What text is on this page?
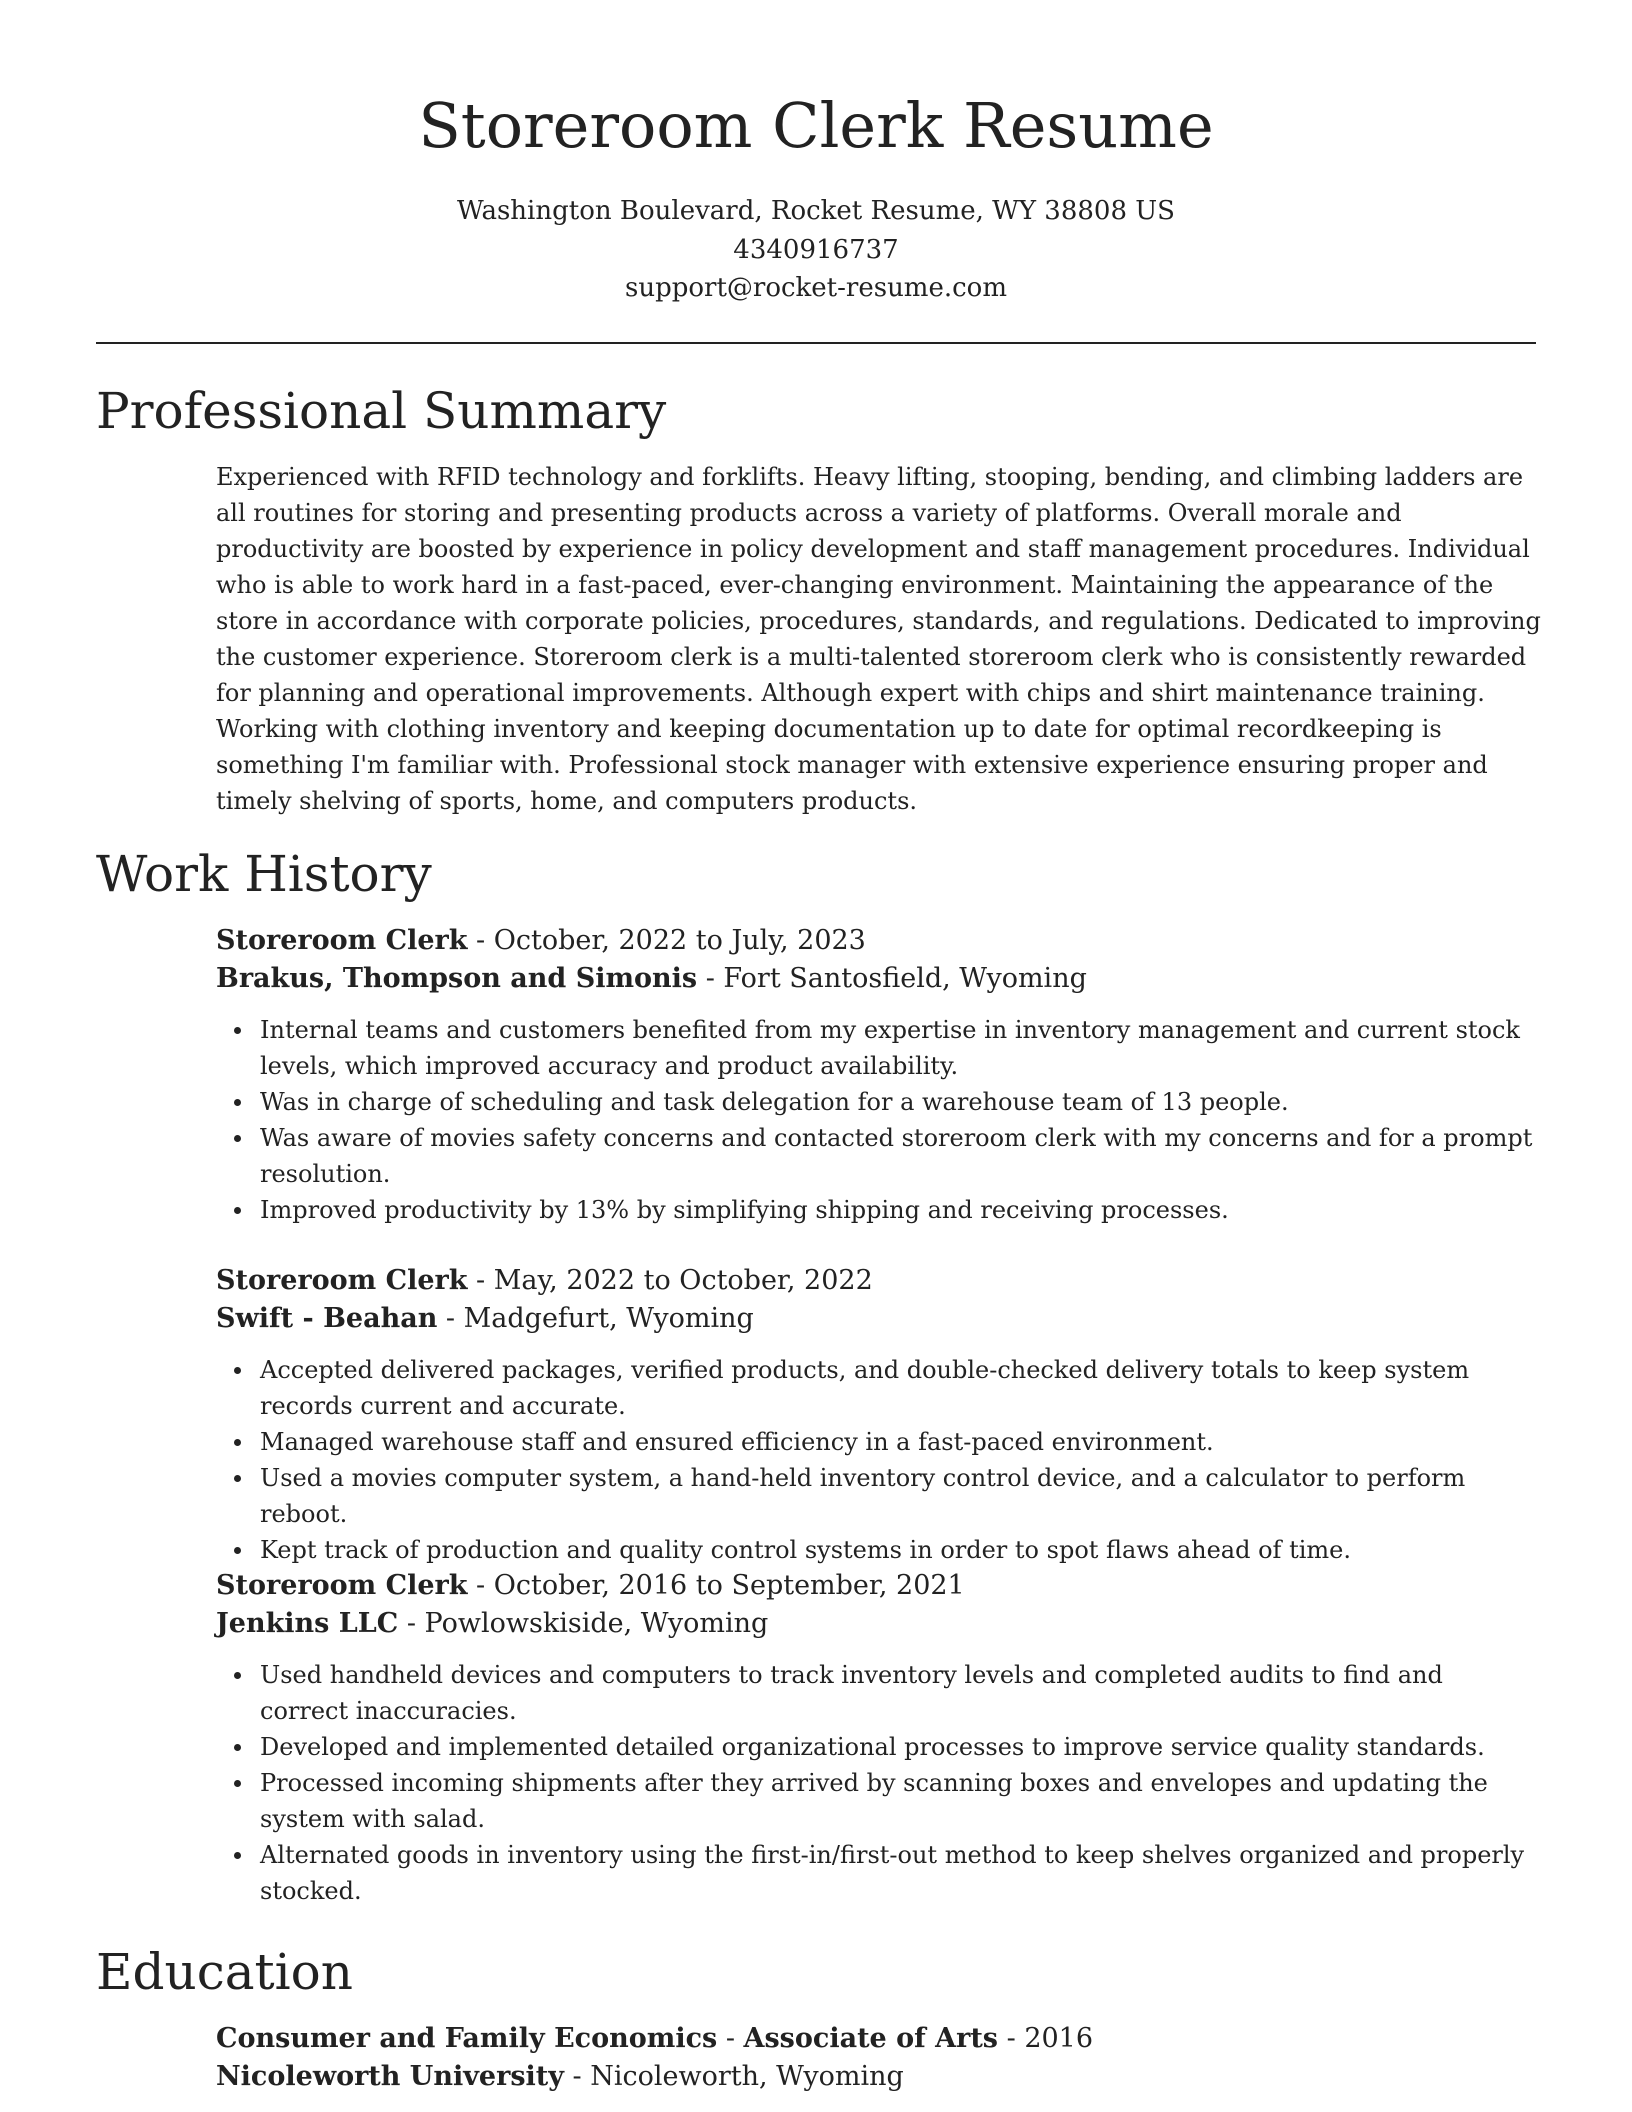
Storeroom Clerk Resume
Washington Boulevard, Rocket Resume, WY 38808 US
4340916737
support@rocket-resume.com
Professional Summary

Experienced with RFID technology and forklifts. Heavy lifting, stooping, bending, and climbing ladders are all routines for storing and presenting products across a variety of platforms. Overall morale and productivity are boosted by experience in policy development and staff management procedures. Individual who is able to work hard in a fast-paced, ever-changing environment. Maintaining the appearance of the store in accordance with corporate policies, procedures, standards, and regulations. Dedicated to improving the customer experience. Storeroom clerk is a multi-talented storeroom clerk who is consistently rewarded for planning and operational improvements. Although expert with chips and shirt maintenance training. Working with clothing inventory and keeping documentation up to date for optimal recordkeeping is something I'm familiar with. Professional stock manager with extensive experience ensuring proper and timely shelving of sports, home, and computers products.

Work History
Storeroom Clerk - October, 2022 to July, 2023
Brakus, Thompson and Simonis - Fort Santosfield, Wyoming
Internal teams and customers benefited from my expertise in inventory management and current stock levels, which improved accuracy and product availability.
Was in charge of scheduling and task delegation for a warehouse team of 13 people.
Was aware of movies safety concerns and contacted storeroom clerk with my concerns and for a prompt resolution.
Improved productivity by 13% by simplifying shipping and receiving processes.
Storeroom Clerk - May, 2022 to October, 2022
Swift - Beahan - Madgefurt, Wyoming
Accepted delivered packages, verified products, and double-checked delivery totals to keep system records current and accurate.
Managed warehouse staff and ensured efficiency in a fast-paced environment.
Used a movies computer system, a hand-held inventory control device, and a calculator to perform reboot.
Kept track of production and quality control systems in order to spot flaws ahead of time.
Storeroom Clerk - October, 2016 to September, 2021
Jenkins LLC - Powlowskiside, Wyoming
Used handheld devices and computers to track inventory levels and completed audits to find and correct inaccuracies.
Developed and implemented detailed organizational processes to improve service quality standards.
Processed incoming shipments after they arrived by scanning boxes and envelopes and updating the system with salad.
Alternated goods in inventory using the first-in/first-out method to keep shelves organized and properly stocked.
Education
Consumer and Family Economics - Associate of Arts - 2016
Nicoleworth University - Nicoleworth, Wyoming
